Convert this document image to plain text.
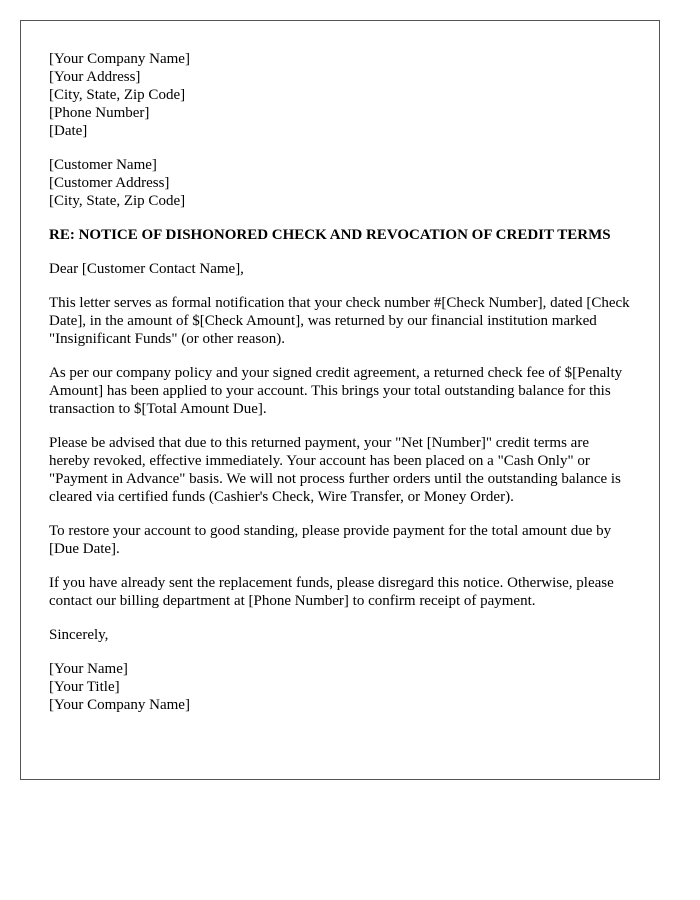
[Your Company Name]
[Your Address]
[City, State, Zip Code]
[Phone Number]
[Date]
[Customer Name]
[Customer Address]
[City, State, Zip Code]

RE: NOTICE OF DISHONORED CHECK AND REVOCATION OF CREDIT TERMS

Dear [Customer Contact Name],

This letter serves as formal notification that your check number #[Check Number], dated [Check Date], in the amount of $[Check Amount], was returned by our financial institution marked "Insignificant Funds" (or other reason).

As per our company policy and your signed credit agreement, a returned check fee of $[Penalty Amount] has been applied to your account. This brings your total outstanding balance for this transaction to $[Total Amount Due].

Please be advised that due to this returned payment, your "Net [Number]" credit terms are hereby revoked, effective immediately. Your account has been placed on a "Cash Only" or "Payment in Advance" basis. We will not process further orders until the outstanding balance is cleared via certified funds (Cashier's Check, Wire Transfer, or Money Order).

To restore your account to good standing, please provide payment for the total amount due by [Due Date].

If you have already sent the replacement funds, please disregard this notice. Otherwise, please contact our billing department at [Phone Number] to confirm receipt of payment.

Sincerely,

[Your Name]
[Your Title]
[Your Company Name]
